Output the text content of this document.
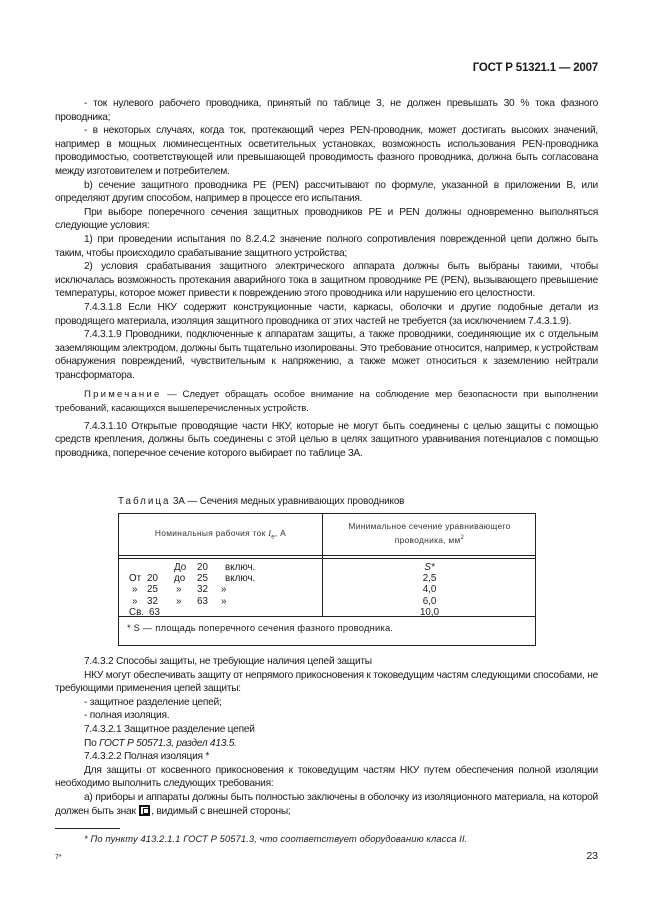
ГОСТ Р 51321.1 — 2007

- ток нулевого рабочего проводника, принятый по таблице 3, не должен превышать 30 % тока фазного проводника;

- в некоторых случаях, когда ток, протекающий через PEN-проводник, может достигать высоких значений, например в мощных люминесцентных осветительных установках, возможность использования PEN-проводника проводимостью, соответствующей или превышающей проводимость фазного проводника, должна быть согласована между изготовителем и потребителем.

b) сечение защитного проводника PE (PEN) рассчитывают по формуле, указанной в приложении B, или определяют другим способом, например в процессе его испытания.

При выборе поперечного сечения защитных проводников PE и PEN должны одновременно выполняться следующие условия:

1) при проведении испытания по 8.2.4.2 значение полного сопротивления поврежденной цепи должно быть таким, чтобы происходило срабатывание защитного устройства;

2) условия срабатывания защитного электрического аппарата должны быть выбраны такими, чтобы исключалась возможность протекания аварийного тока в защитном проводнике PE (PEN), вызывающего превышение температуры, которое может привести к повреждению этого проводника или нарушению его целостности.

7.4.3.1.8 Если НКУ содержит конструкционные части, каркасы, оболочки и другие подобные детали из проводящего материала, изоляция защитного проводника от этих частей не требуется (за исключением 7.4.3.1.9).

7.4.3.1.9 Проводники, подключенные к аппаратам защиты, а также проводники, соединяющие их с отдельным заземляющим электродом, должны быть тщательно изолированы. Это требование относится, например, к устройствам обнаружения повреждений, чувствительным к напряжению, а также может относиться к заземлению нейтрали трансформатора.

Примечание — Следует обращать особое внимание на соблюдение мер безопасности при выполнении требований, касающихся вышеперечисленных устройств.

7.4.3.1.10 Открытые проводящие части НКУ, которые не могут быть соединены с целью защиты с помощью средств крепления, должны быть соединены с этой целью в целях защитного уравнивания потенциалов с помощью проводника, поперечное сечение которого выбирает по таблице 3А.

Таблица 3А — Сечения медных уравнивающих проводников
Номинальныя рабочия ток $I_e$, А
Минимальное сечение уравнивающего
проводника, $мм^2$
До 20 включ.
От 20 до 25 включ.
» 25 » 32 »
» 32 » 63 »
Св. 63
S*
2,5
4,0
6,0
10,0
* S — площадь поперечного сечения фазного проводника.

7.4.3.2 Способы защиты, не требующие наличия цепей защиты

НКУ могут обеспечивать защиту от непрямого прикосновения к токоведущим частям следующими способами, не требующими применения цепей защиты:

- защитное разделение цепей;

- полная изоляция.

7.4.3.2.1 Защитное разделение цепей

По ГОСТ Р 50571.3, раздел 413.5.

7.4.3.2.2 Полная изоляция *

Для защиты от косвенного прикосновения к токоведущим частям НКУ путем обеспечения полной изоляции необходимо выполнить следующих требования:

а) приборы и аппараты должны быть полностью заключены в оболочку из изоляционного материала, на которой должен быть знак , видимый с внешней стороны;

* По пункту 413.2.1.1 ГОСТ Р 50571.3, что соответствует оборудованию класса II.
7*	23
